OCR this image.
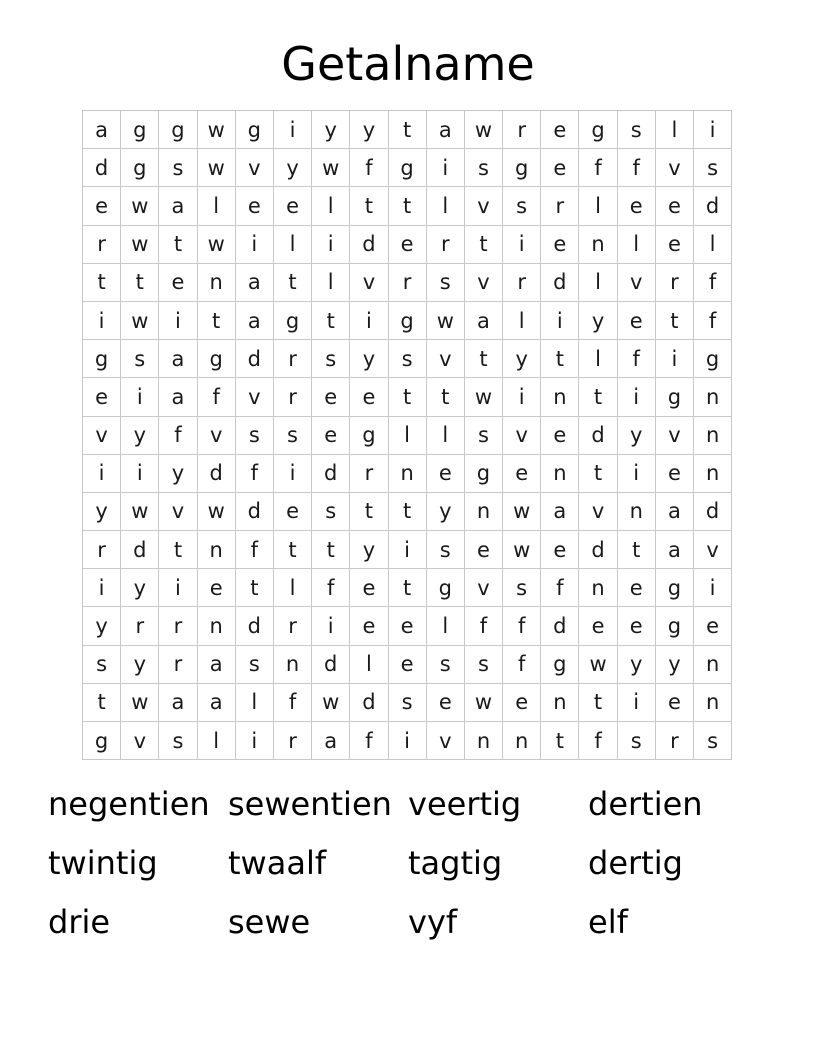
Getalname
a	g	g	w	g	i	y	y	t	a	w	r	e	g	s	l	i
d	g	s	w	v	y	w	f	g	i	s	g	e	f	f	v	s
e	w	a	l	e	e	l	t	t	l	v	s	r	l	e	e	d
r	w	t	w	i	l	i	d	e	r	t	i	e	n	l	e	l
t	t	e	n	a	t	l	v	r	s	v	r	d	l	v	r	f
i	w	i	t	a	g	t	i	g	w	a	l	i	y	e	t	f
g	s	a	g	d	r	s	y	s	v	t	y	t	l	f	i	g
e	i	a	f	v	r	e	e	t	t	w	i	n	t	i	g	n
v	y	f	v	s	s	e	g	l	l	s	v	e	d	y	v	n
i	i	y	d	f	i	d	r	n	e	g	e	n	t	i	e	n
y	w	v	w	d	e	s	t	t	y	n	w	a	v	n	a	d
r	d	t	n	f	t	t	y	i	s	e	w	e	d	t	a	v
i	y	i	e	t	l	f	e	t	g	v	s	f	n	e	g	i
y	r	r	n	d	r	i	e	e	l	f	f	d	e	e	g	e
s	y	r	a	s	n	d	l	e	s	s	f	g	w	y	y	n
t	w	a	a	l	f	w	d	s	e	w	e	n	t	i	e	n
g	v	s	l	i	r	a	f	i	v	n	n	t	f	s	r	s
negentien sewentien veertig	dertien
twintig	twaalf	tagtig	dertig
drie	sewe	vyf	elf
